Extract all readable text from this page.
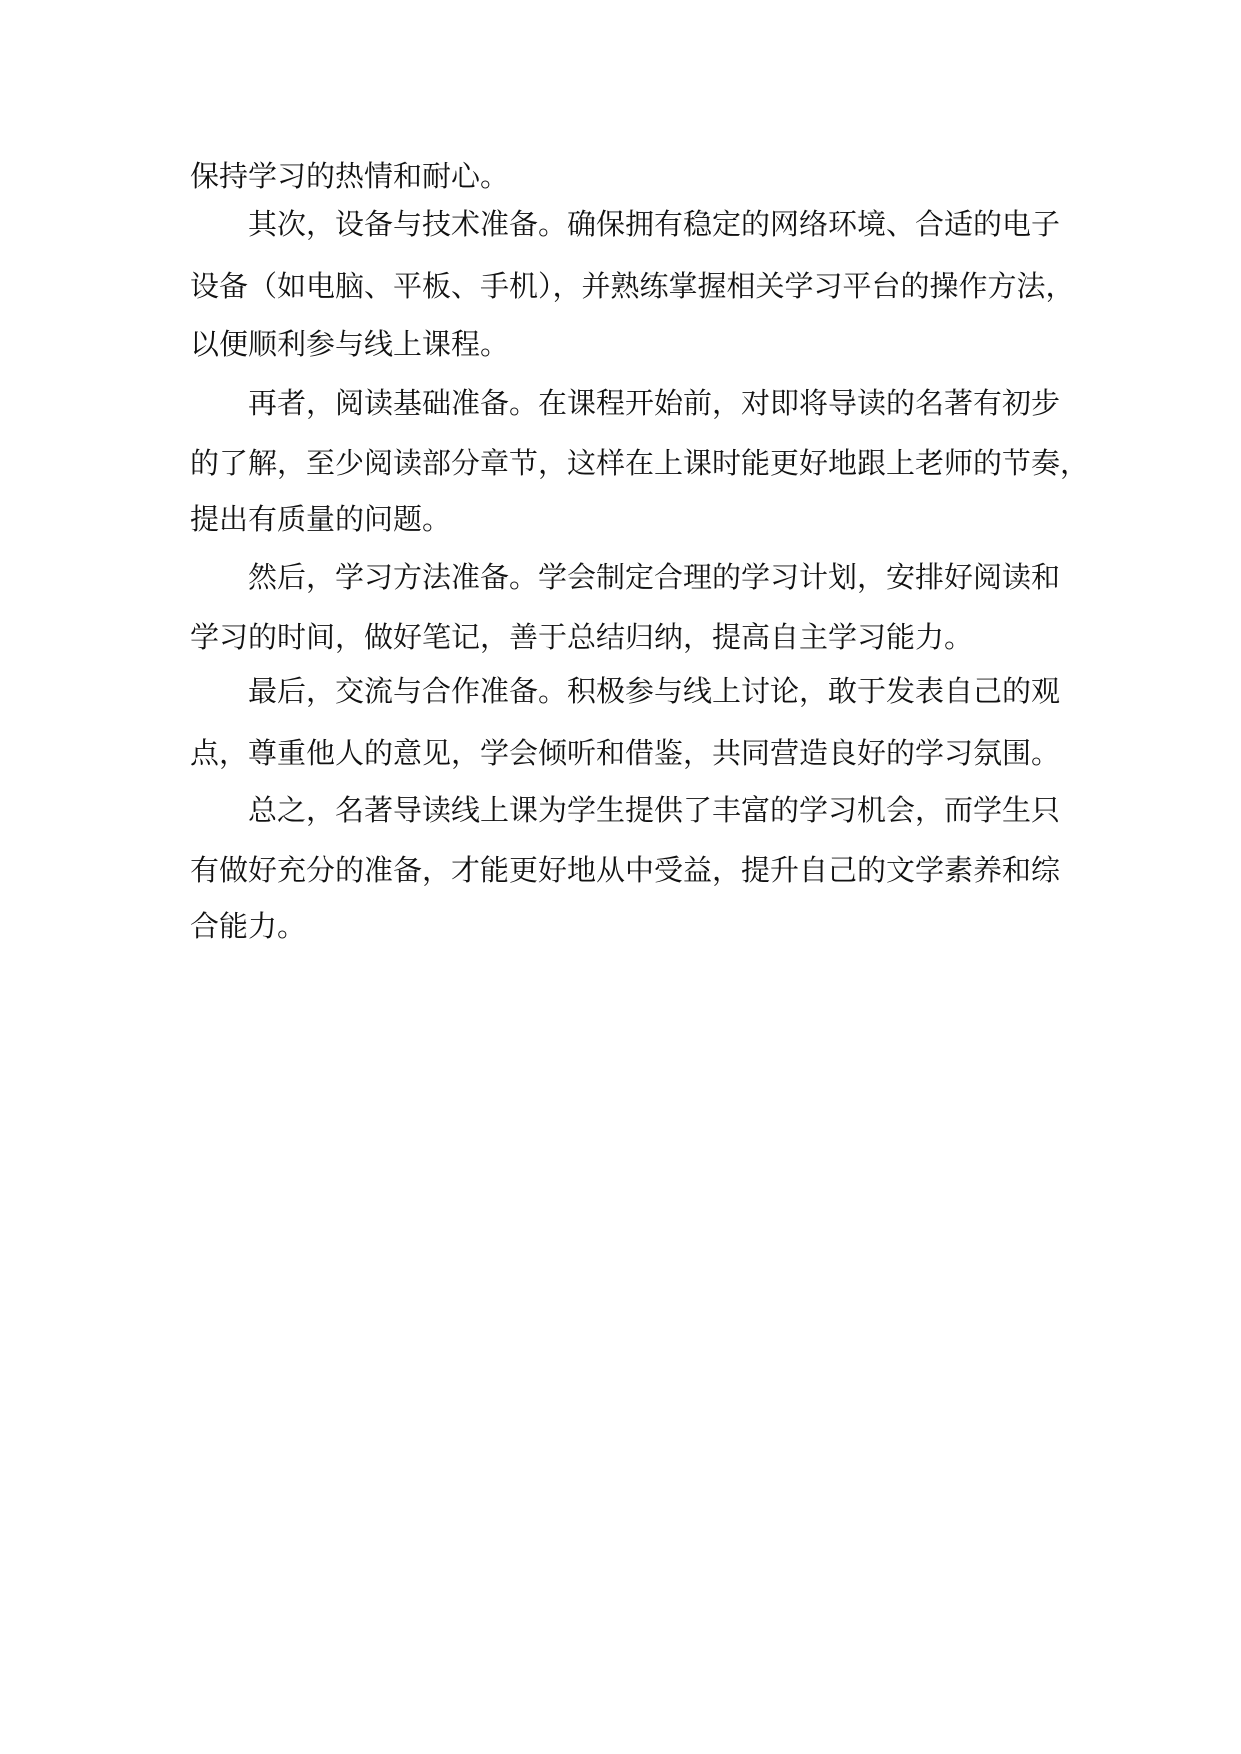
保持学习的热情和耐心。
其次，设备与技术准备。确保拥有稳定的网络环境、合适的电子
设备（如电脑、平板、手机），并熟练掌握相关学习平台的操作方法，
以便顺利参与线上课程。
再者，阅读基础准备。在课程开始前，对即将导读的名著有初步
的了解，至少阅读部分章节，这样在上课时能更好地跟上老师的节奏，
提出有质量的问题。
然后，学习方法准备。学会制定合理的学习计划，安排好阅读和
学习的时间，做好笔记，善于总结归纳，提高自主学习能力。
最后，交流与合作准备。积极参与线上讨论，敢于发表自己的观
点，尊重他人的意见，学会倾听和借鉴，共同营造良好的学习氛围。
总之，名著导读线上课为学生提供了丰富的学习机会，而学生只
有做好充分的准备，才能更好地从中受益，提升自己的文学素养和综
合能力。
